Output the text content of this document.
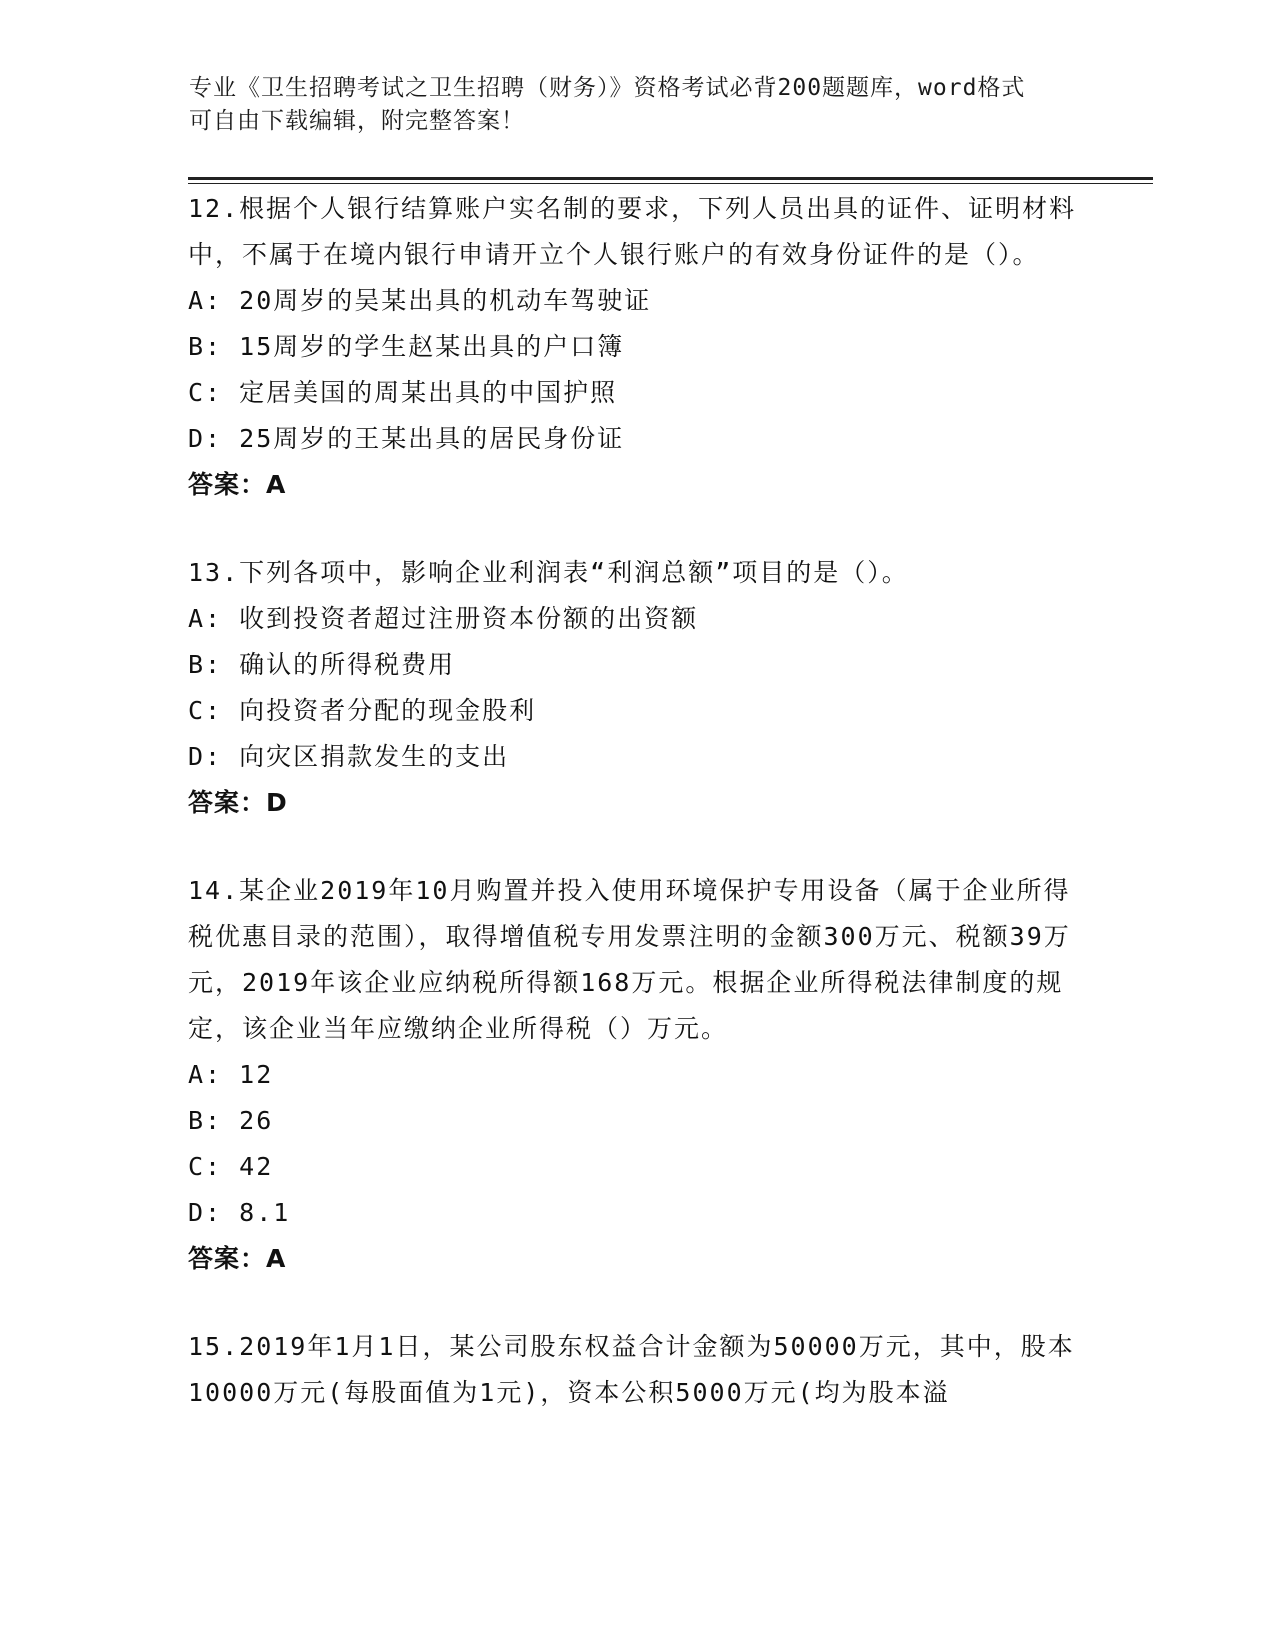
专业《卫生招聘考试之卫生招聘（财务）》资格考试必背200题题库，word格式
可自由下载编辑，附完整答案！

12.根据个人银行结算账户实名制的要求，下列人员出具的证件、证明材料中，不属于在境内银行申请开立个人银行账户的有效身份证件的是（）。

A: 20周岁的吴某出具的机动车驾驶证

B: 15周岁的学生赵某出具的户口簿

C: 定居美国的周某出具的中国护照

D: 25周岁的王某出具的居民身份证

答案：A

13.下列各项中，影响企业利润表“利润总额”项目的是（）。

A: 收到投资者超过注册资本份额的出资额

B: 确认的所得税费用

C: 向投资者分配的现金股利

D: 向灾区捐款发生的支出

答案：D

14.某企业2019年10月购置并投入使用环境保护专用设备（属于企业所得税优惠目录的范围），取得增值税专用发票注明的金额300万元、税额39万元，2019年该企业应纳税所得额168万元。根据企业所得税法律制度的规定，该企业当年应缴纳企业所得税（）万元。

A: 12

B: 26

C: 42

D: 8.1

答案：A

15.2019年1月1日，某公司股东权益合计金额为50000万元，其中，股本10000万元(每股面值为1元)，资本公积5000万元(均为股本溢
